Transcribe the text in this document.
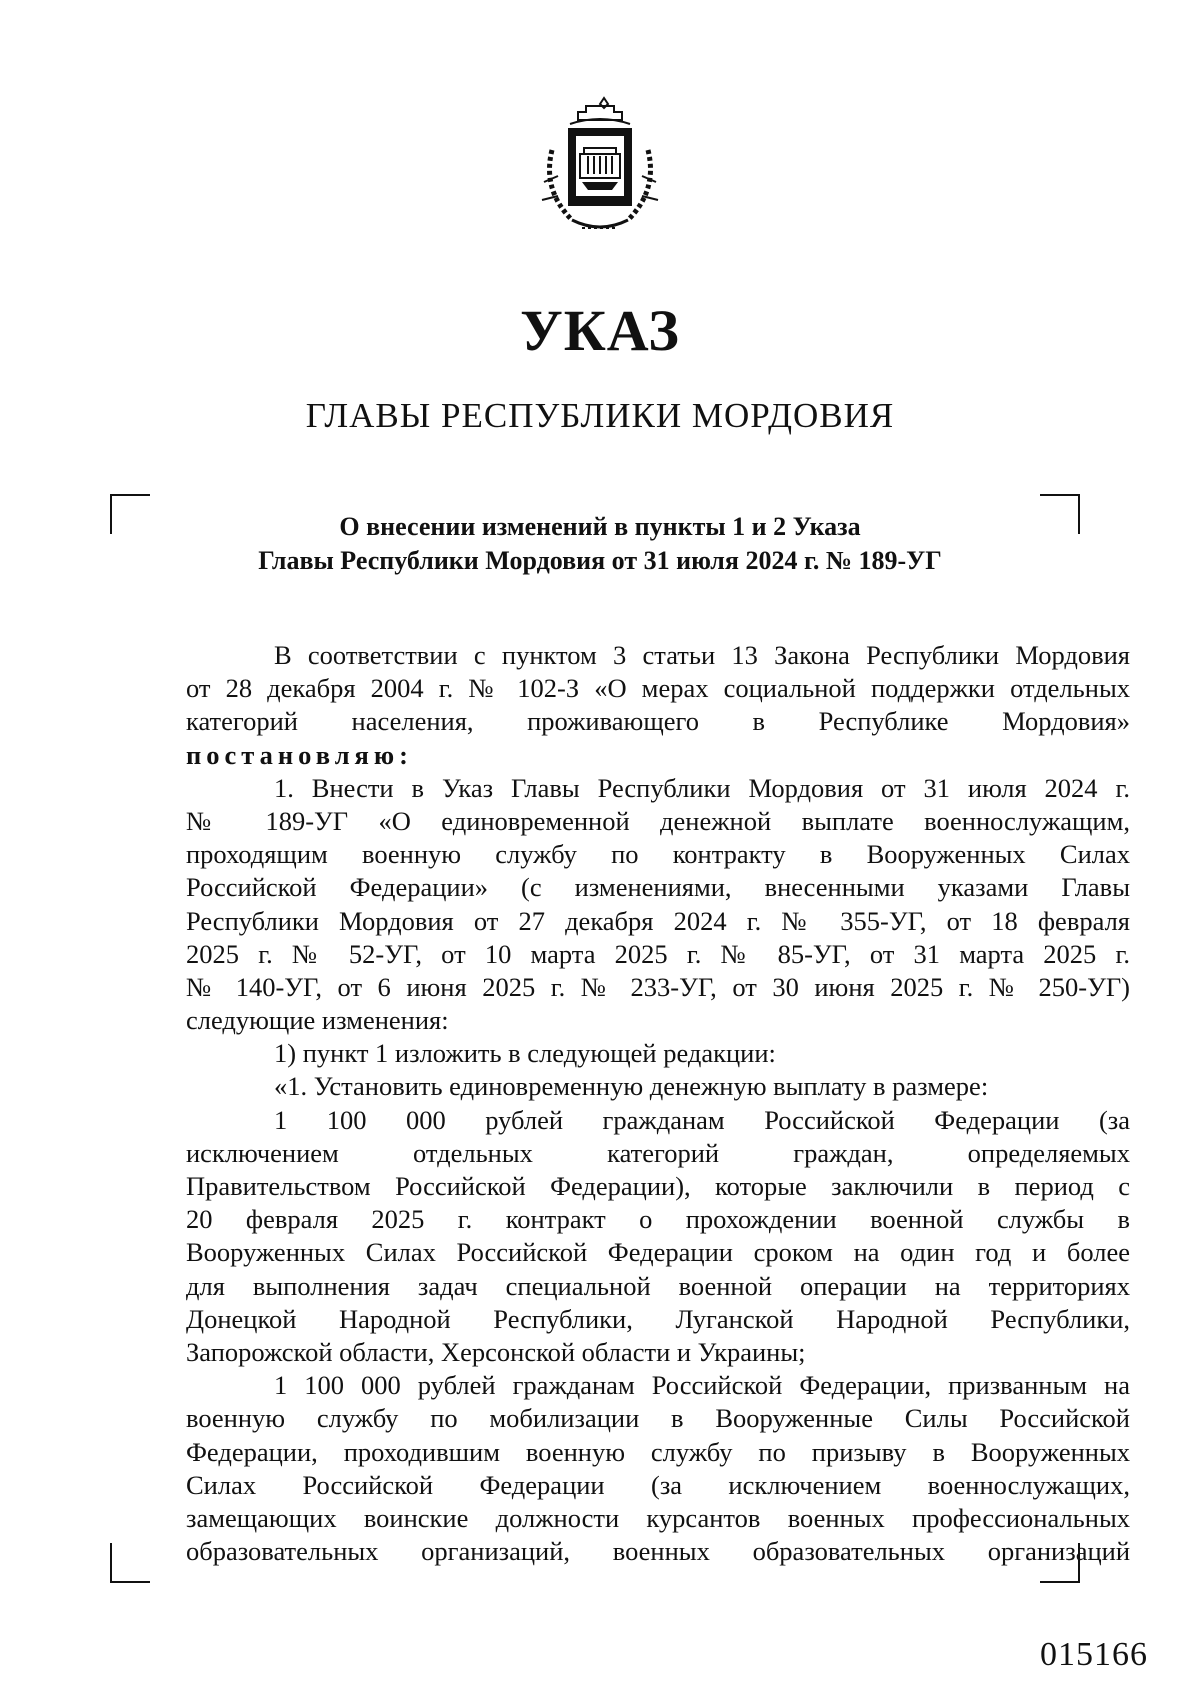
УКАЗ
ГЛАВЫ РЕСПУБЛИКИ МОРДОВИЯ
О внесении изменений в пункты 1 и 2 Указа
Главы Республики Мордовия от 31 июля 2024 г. № 189-УГ
В соответствии с пунктом 3 статьи 13 Закона Республики Мордовия
от 28 декабря 2004 г. № 102-З «О мерах социальной поддержки отдельных
категорий населения, проживающего в Республике Мордовия»
постановляю:
1. Внести в Указ Главы Республики Мордовия от 31 июля 2024 г.
№ 189-УГ «О единовременной денежной выплате военнослужащим,
проходящим военную службу по контракту в Вооруженных Силах
Российской Федерации» (с изменениями, внесенными указами Главы
Республики Мордовия от 27 декабря 2024 г. № 355-УГ, от 18 февраля
2025 г. № 52-УГ, от 10 марта 2025 г. № 85-УГ, от 31 марта 2025 г.
№ 140-УГ, от 6 июня 2025 г. № 233-УГ, от 30 июня 2025 г. № 250-УГ)
следующие изменения:
1) пункт 1 изложить в следующей редакции:
«1. Установить единовременную денежную выплату в размере:
1 100 000 рублей гражданам Российской Федерации (за
исключением отдельных категорий граждан, определяемых
Правительством Российской Федерации), которые заключили в период с
20 февраля 2025 г. контракт о прохождении военной службы в
Вооруженных Силах Российской Федерации сроком на один год и более
для выполнения задач специальной военной операции на территориях
Донецкой Народной Республики, Луганской Народной Республики,
Запорожской области, Херсонской области и Украины;
1 100 000 рублей гражданам Российской Федерации, призванным на
военную службу по мобилизации в Вооруженные Силы Российской
Федерации, проходившим военную службу по призыву в Вооруженных
Силах Российской Федерации (за исключением военнослужащих,
замещающих воинские должности курсантов военных профессиональных
образовательных организаций, военных образовательных организаций
015166
